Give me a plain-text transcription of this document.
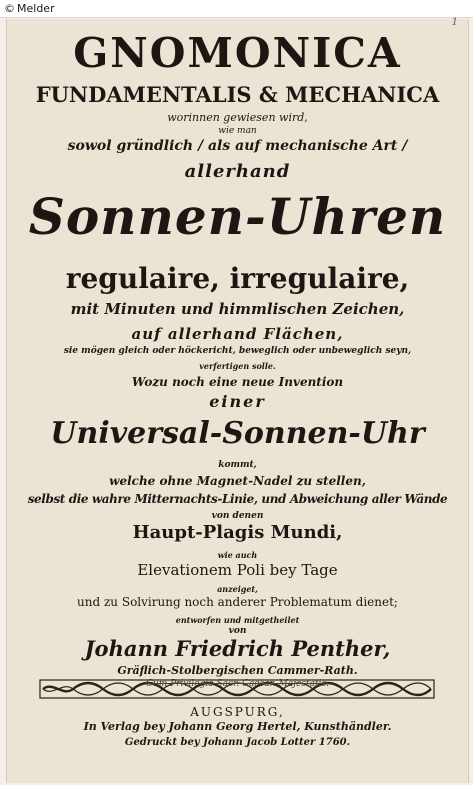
© Melder
1
GNOMONICA
FUNDAMENTALIS & MECHANICA
worinnen gewiesen wird,
wie man
sowol gründlich / als auf mechanische Art /
allerhand
Sonnen-Uhren
regulaire, irregulaire,
mit Minuten und himmlischen Zeichen,
auf allerhand Flächen,
sie mögen gleich oder höckericht, beweglich oder unbeweglich seyn,
verfertigen solle.
Wozu noch eine neue Invention
einer
Universal-Sonnen-Uhr
kommt,
welche ohne Magnet-Nadel zu stellen,
selbst die wahre Mitternachts-Linie, und Abweichung aller Wände
von denen
Haupt-Plagis Mundi,
wie auch
Elevationem Poli bey Tage
anzeiget,
und zu Solvirung noch anderer Problematum dienet;
entworfen und mitgetheilet
von
Johann Friedrich Penther,
Gräflich-Stolbergischen Cammer-Rath.
Cum Privilegio Sacr. Caesar. Majestatis.
AUGSPURG,
In Verlag bey Johann Georg Hertel, Kunsthändler.
Gedruckt bey Johann Jacob Lotter 1760.
